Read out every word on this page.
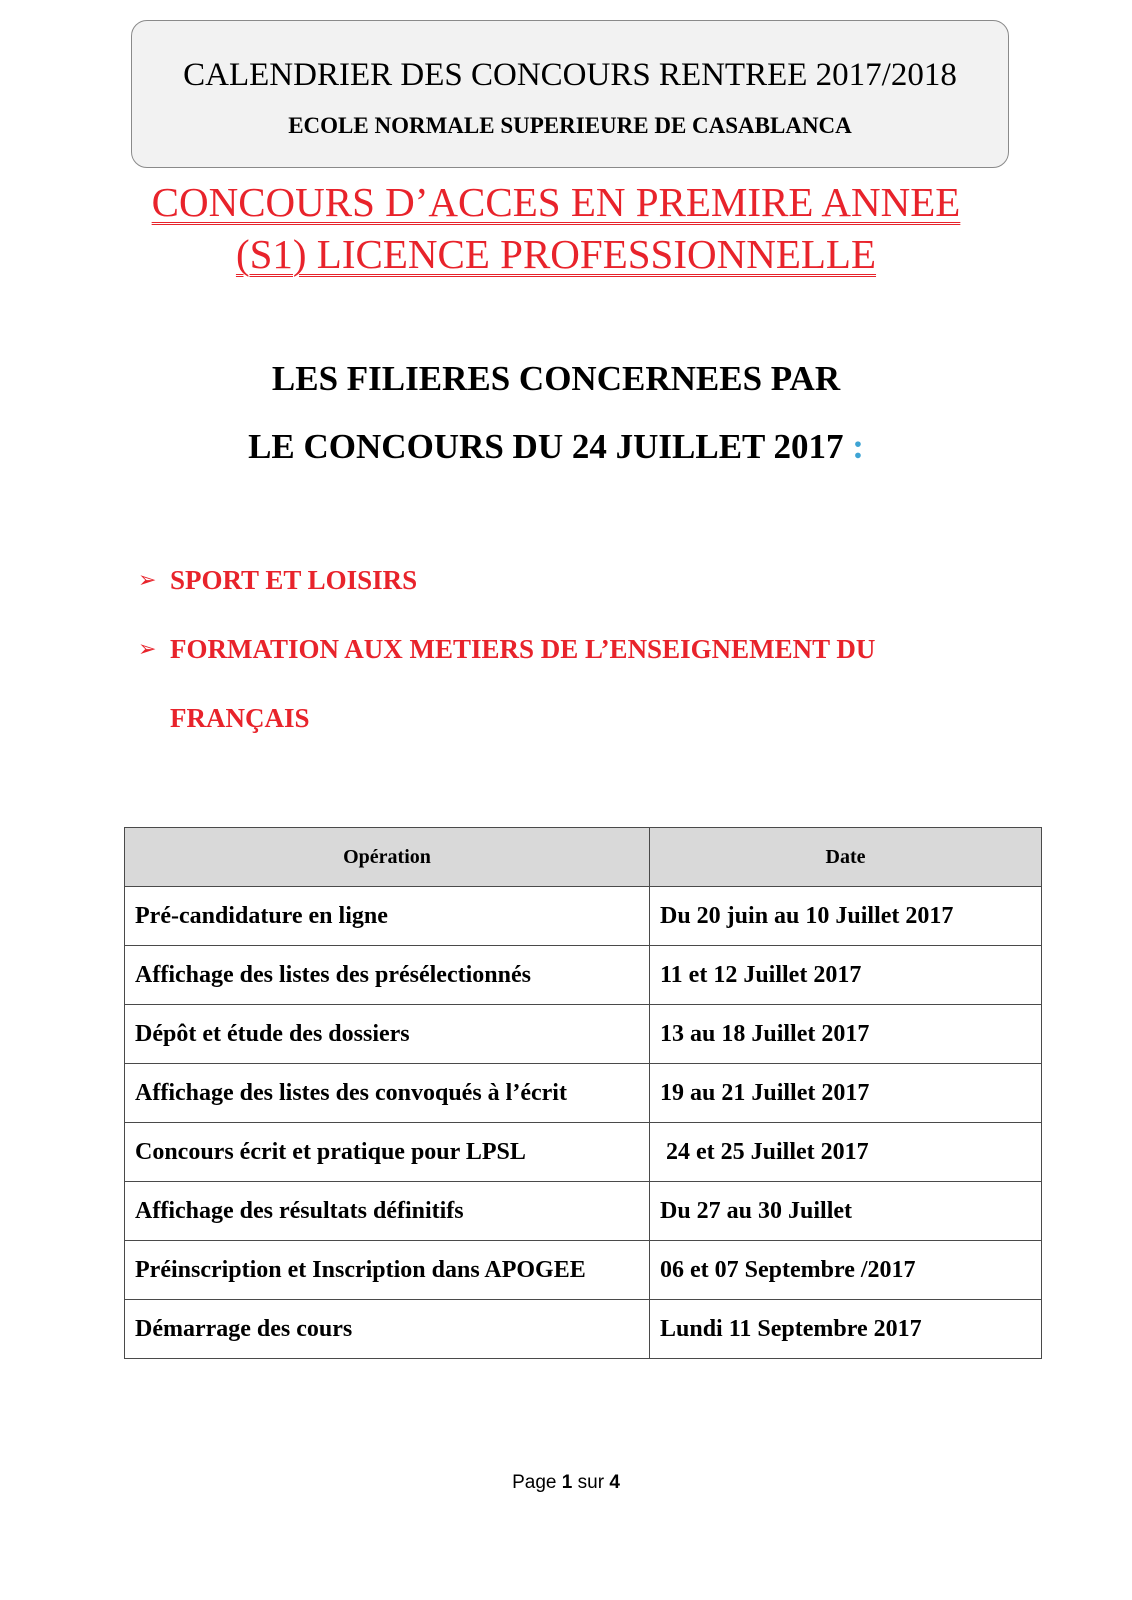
CALENDRIER DES CONCOURS RENTREE 2017/2018
ECOLE NORMALE SUPERIEURE DE CASABLANCA
CONCOURS D’ACCES EN PREMIRE ANNEE
(S1) LICENCE PROFESSIONNELLE
LES FILIERES CONCERNEES PAR
LE CONCOURS DU 24 JUILLET 2017 :
➢ SPORT ET LOISIRS
➢ FORMATION AUX METIERS DE L’ENSEIGNEMENT DU FRANÇAIS
Opération	Date
Pré-candidature en ligne	Du 20 juin au 10 Juillet 2017
Affichage des listes des présélectionnés	11 et 12 Juillet 2017
Dépôt et étude des dossiers	13 au 18 Juillet 2017
Affichage des listes des convoqués à l’écrit	19 au 21 Juillet 2017
Concours écrit et pratique pour LPSL	24 et 25 Juillet 2017
Affichage des résultats définitifs	Du 27 au 30 Juillet
Préinscription et Inscription dans APOGEE	06 et 07 Septembre /2017
Démarrage des cours	Lundi 11 Septembre 2017
Page 1 sur 4
